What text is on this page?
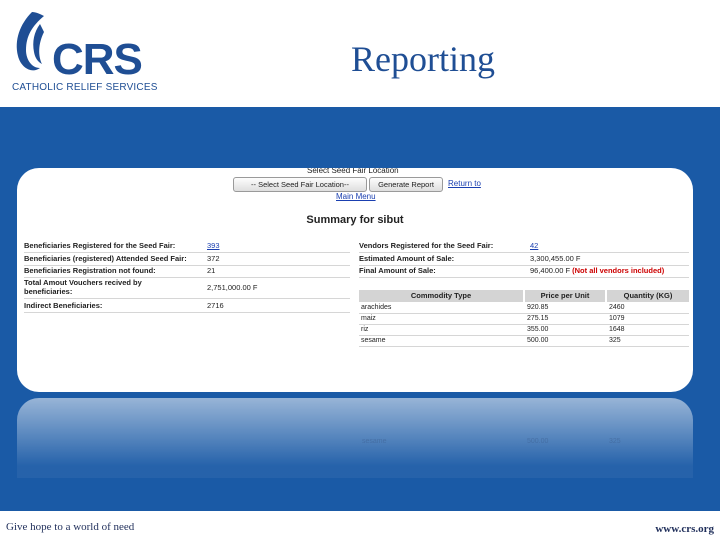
CRS
CATHOLIC RELIEF SERVICES
Reporting
Select Seed Fair Location
-- Select Seed Fair Location--	Generate Report	Return to
Main Menu
Summary for sibut
Beneficiaries Registered for the Seed Fair:	393
Beneficiaries (registered) Attended Seed Fair:	372
Beneficiaries Registration not found:	21
Total Amout Vouchers recived by
beneficiaries:	2,751,000.00 F
Indirect Beneficiaries:	2716
Vendors Registered for the Seed Fair:	42
Estimated Amount of Sale:	3,300,455.00 F
Final Amount of Sale:	96,400.00 F (Not all vendors included)
Commodity Type	Price per Unit	Quantity (KG)
arachides	920.85	2460
maiz	275.15	1079
riz	355.00	1648
sesame	500.00	325
sesame	500.00	325
Give hope to a world of need	www.crs.org
